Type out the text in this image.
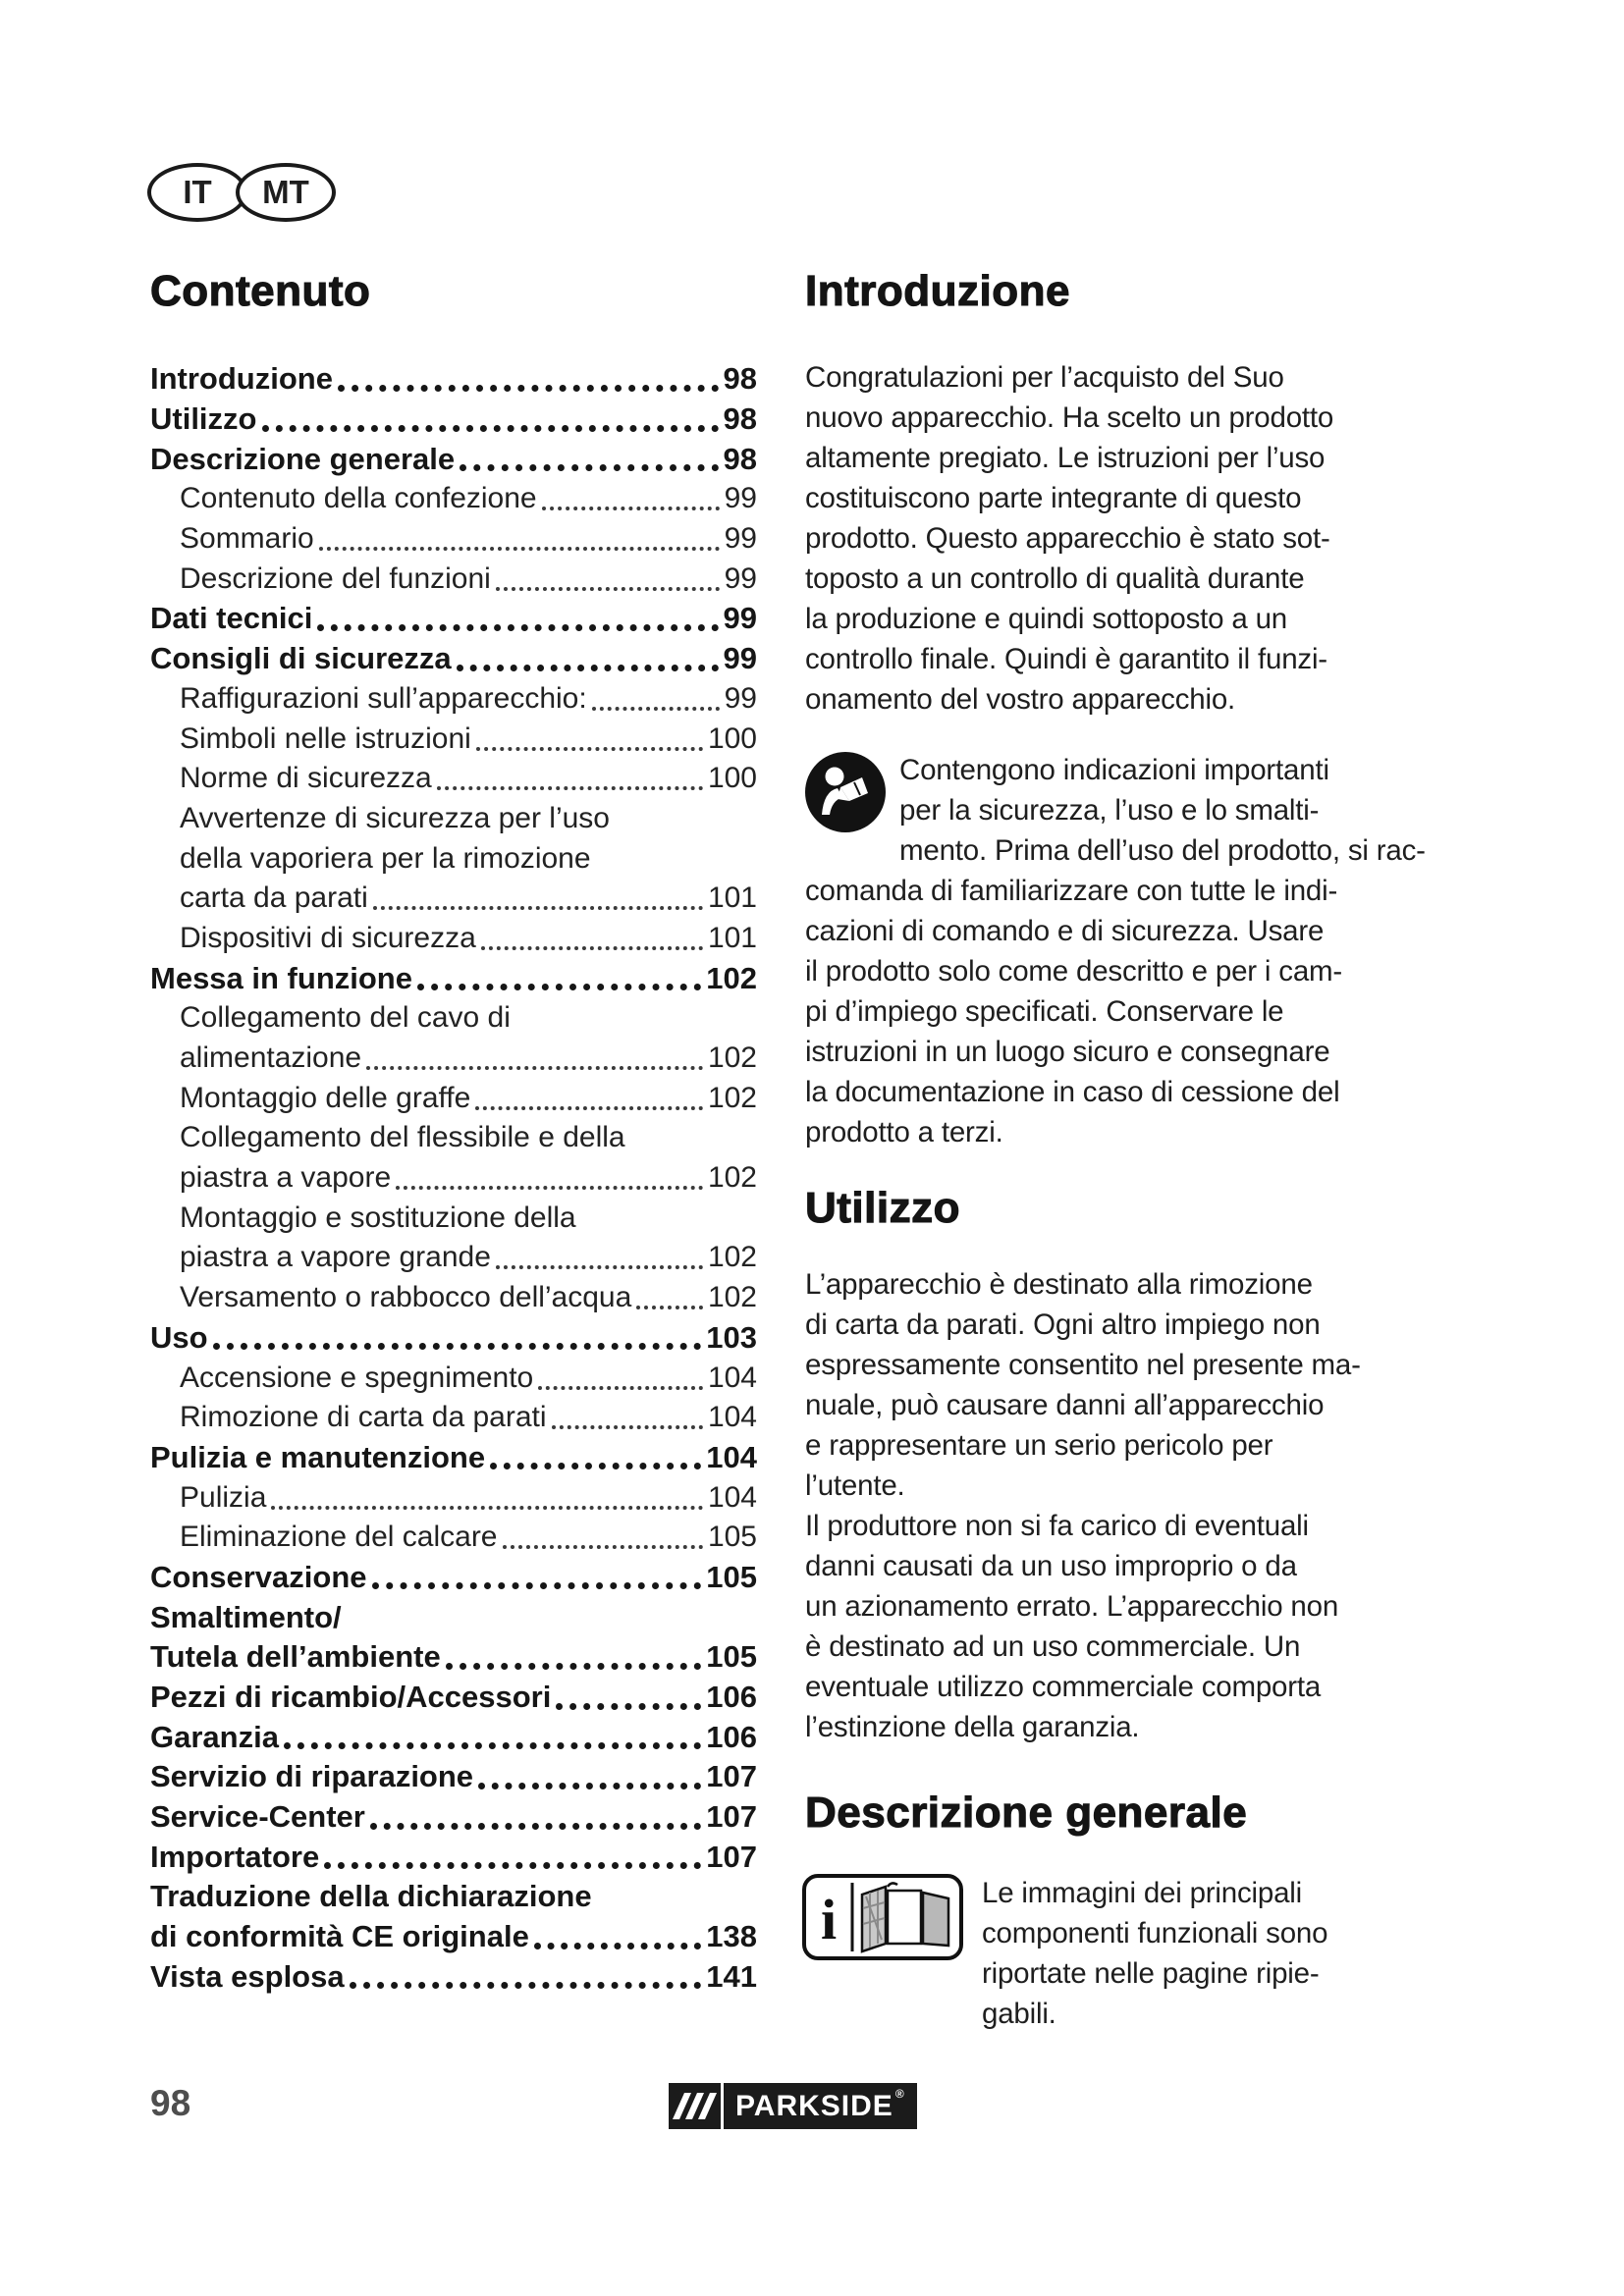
IT	MT
Contenuto	Introduzione
Utilizzo
Descrizione generale
Introduzione	98
Utilizzo	98
Descrizione generale	98
Contenuto della confezione	99
Sommario	99
Descrizione del funzioni	99
Dati tecnici	99
Consigli di sicurezza	99
Raffigurazioni sull’apparecchio:	99
Simboli nelle istruzioni	100
Norme di sicurezza	100
Avvertenze di sicurezza per l’uso
della vaporiera per la rimozione
carta da parati	101
Dispositivi di sicurezza	101
Messa in funzione	102
Collegamento del cavo di
alimentazione	102
Montaggio delle graffe	102
Collegamento del flessibile e della
piastra a vapore	102
Montaggio e sostituzione della
piastra a vapore grande	102
Versamento o rabbocco dell’acqua	102
Uso	103
Accensione e spegnimento	104
Rimozione di carta da parati	104
Pulizia e manutenzione	104
Pulizia	104
Eliminazione del calcare	105
Conservazione	105
Smaltimento/
Tutela dell’ambiente	105
Pezzi di ricambio/Accessori	106
Garanzia	106
Servizio di riparazione	107
Service-Center	107
Importatore	107
Traduzione della dichiarazione
di conformità CE originale	138
Vista esplosa	141
Congratulazioni per l’acquisto del Suo
nuovo apparecchio. Ha scelto un prodotto
altamente pregiato. Le istruzioni per l’uso
costituiscono parte integrante di questo
prodotto. Questo apparecchio è stato sot-
toposto a un controllo di qualità durante
la produzione e quindi sottoposto a un
controllo finale. Quindi è garantito il funzi-
onamento del vostro apparecchio.
Contengono indicazioni importanti
per la sicurezza, l’uso e lo smalti-
mento. Prima dell’uso del prodotto, si rac-
comanda di familiarizzare con tutte le indi-
cazioni di comando e di sicurezza. Usare
il prodotto solo come descritto e per i cam-
pi d’impiego specificati. Conservare le
istruzioni in un luogo sicuro e consegnare
la documentazione in caso di cessione del
prodotto a terzi.
L’apparecchio è destinato alla rimozione
di carta da parati. Ogni altro impiego non
espressamente consentito nel presente ma-
nuale, può causare danni all’apparecchio
e rappresentare un serio pericolo per
l’utente.
Il produttore non si fa carico di eventuali
danni causati da un uso improprio o da
un azionamento errato. L’apparecchio non
è destinato ad un uso commerciale. Un
eventuale utilizzo commerciale comporta
l’estinzione della garanzia.
i	Le immagini dei principali
componenti funzionali sono
riportate nelle pagine ripie-
gabili.
98	PARKSIDE ®
